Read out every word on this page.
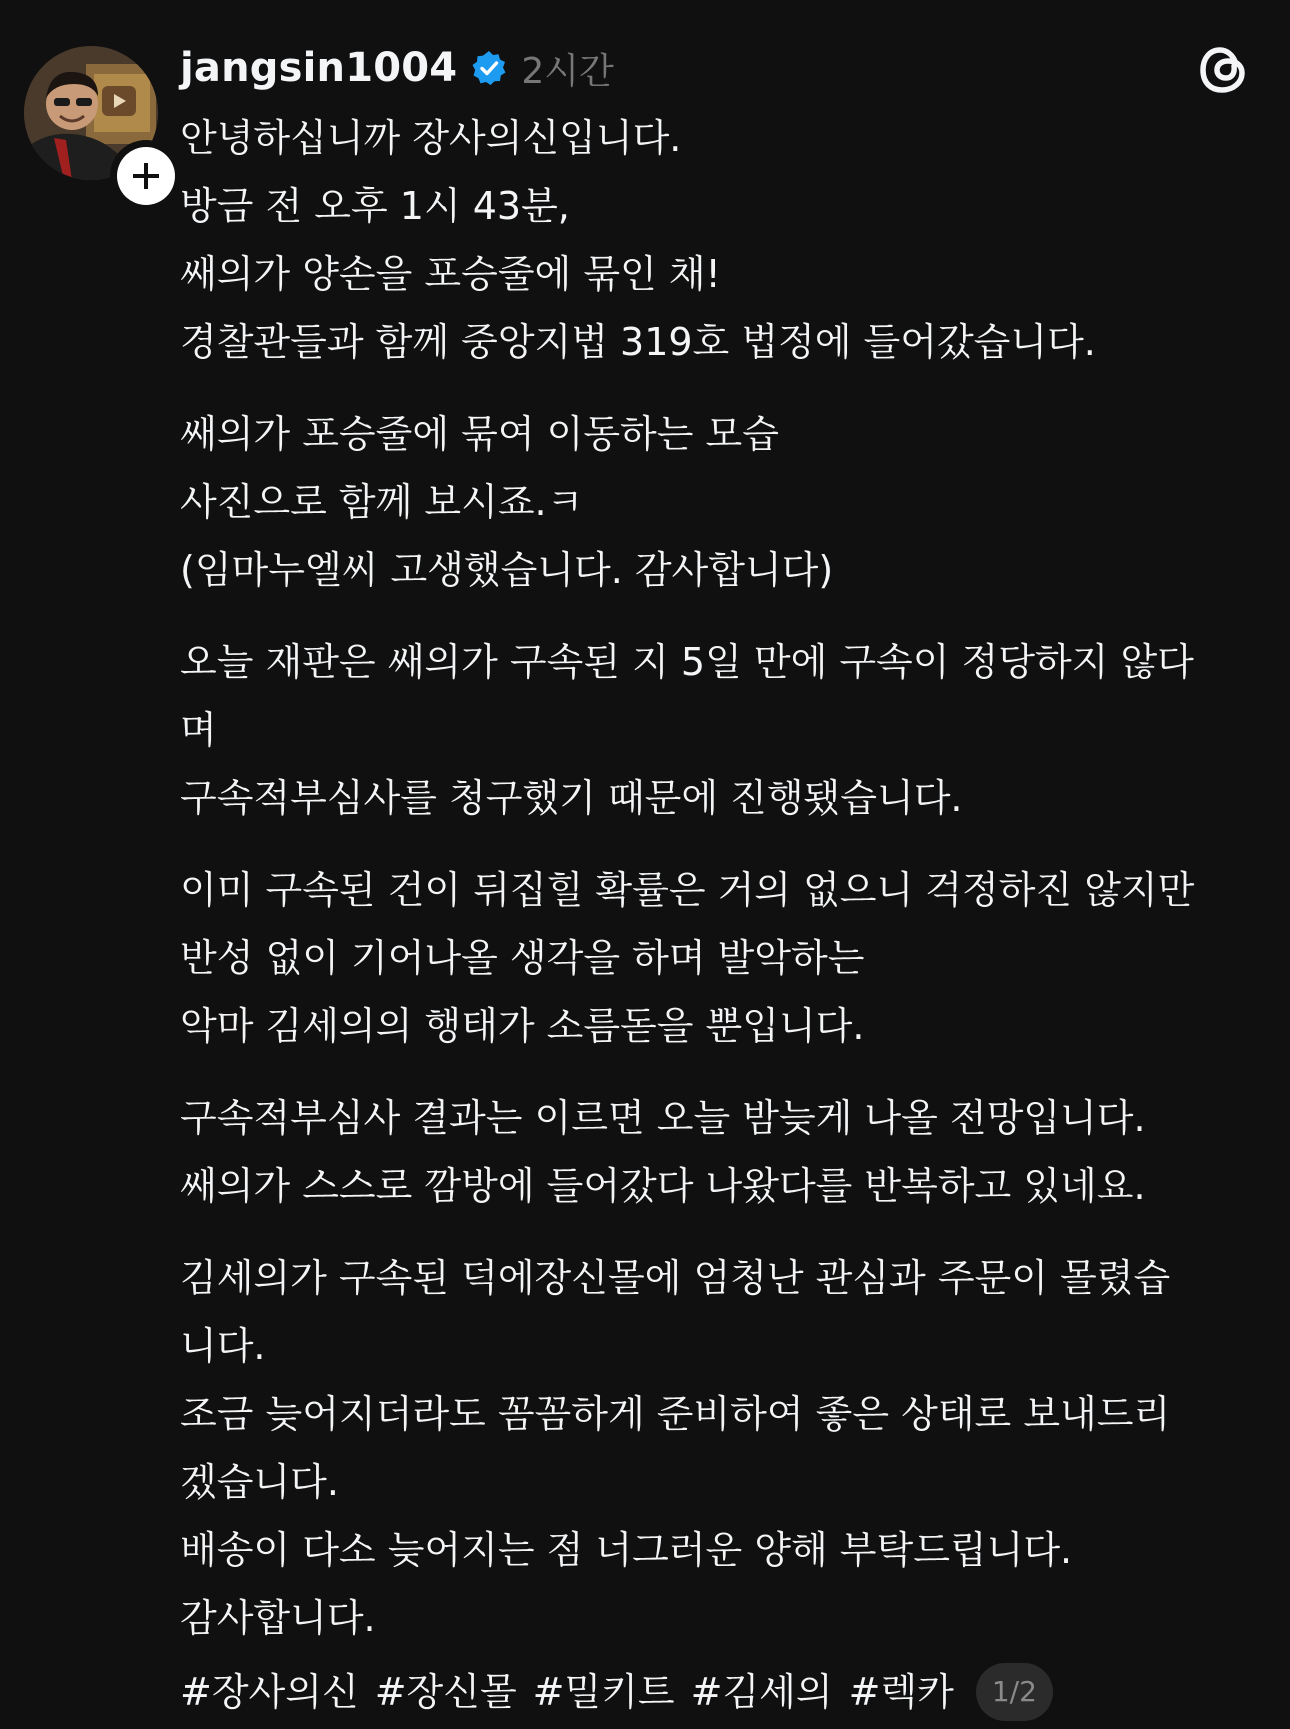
jangsin1004 2시간
안녕하십니까 장사의신입니다.
방금 전 오후 1시 43분,
쌔의가 양손을 포승줄에 묶인 채!
경찰관들과 함께 중앙지법 319호 법정에 들어갔습니다.
쌔의가 포승줄에 묶여 이동하는 모습
사진으로 함께 보시죠.ㅋ
(임마누엘씨 고생했습니다. 감사합니다)
오늘 재판은 쌔의가 구속된 지 5일 만에 구속이 정당하지 않다
며
구속적부심사를 청구했기 때문에 진행됐습니다.
이미 구속된 건이 뒤집힐 확률은 거의 없으니 걱정하진 않지만
반성 없이 기어나올 생각을 하며 발악하는
악마 김세의의 행태가 소름돋을 뿐입니다.
구속적부심사 결과는 이르면 오늘 밤늦게 나올 전망입니다.
쌔의가 스스로 깜방에 들어갔다 나왔다를 반복하고 있네요.
김세의가 구속된 덕에장신몰에 엄청난 관심과 주문이 몰렸습
니다.
조금 늦어지더라도 꼼꼼하게 준비하여 좋은 상태로 보내드리
겠습니다.
배송이 다소 늦어지는 점 너그러운 양해 부탁드립니다.
감사합니다.
#장사의신 #장신몰 #밀키트 #김세의 #렉카	1/2
